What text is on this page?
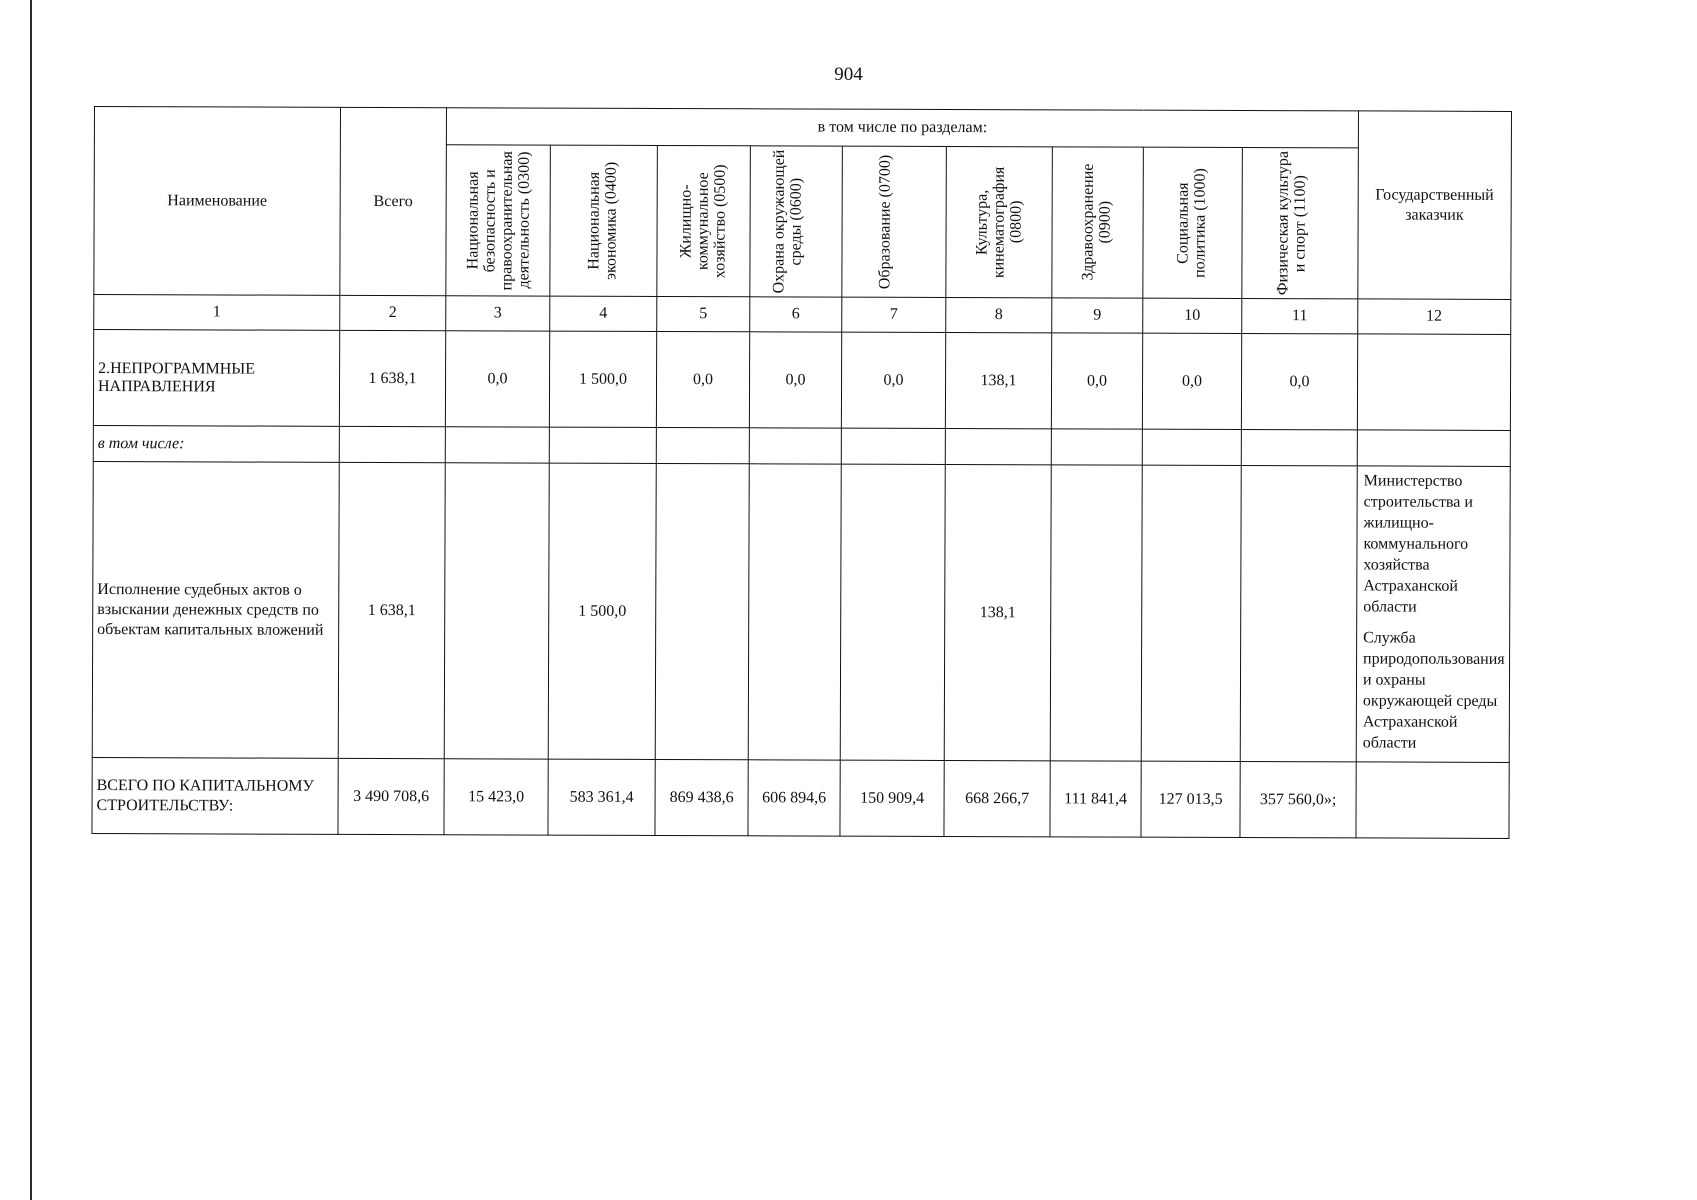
904
Наименование	Всего	в том числе по разделам:									Государственный заказчик

		Национальная безопасность и правоохранительная деятельность (0300)	Национальная экономика (0400)	Жилищно-коммунальное хозяйство (0500)	Охрана окружающей среды (0600)	Образование (0700)	Культура, кинематография (0800)	Здравоохранение (0900)	Социальная политика (1000)	Физическая культура и спорт (1100)	

1	2	3	4	5	6	7	8	9	10	11	12
2.НЕПРОГРАММНЫЕ НАПРАВЛЕНИЯ	1 638,1	0,0	1 500,0	0,0	0,0	0,0	138,1	0,0	0,0	0,0	
в том числе:											
Исполнение судебных актов о взыскании денежных средств по объектам капитальных вложений	1 638,1		1 500,0				138,1				Министерство строительства и жилищно-коммунального хозяйства Астраханской области
Служба природопользования и охраны окружающей среды Астраханской области

ВСЕГО ПО КАПИТАЛЬНОМУ СТРОИТЕЛЬСТВУ:	3 490 708,6	15 423,0	583 361,4	869 438,6	606 894,6	150 909,4	668 266,7	111 841,4	127 013,5	357 560,0»;	
